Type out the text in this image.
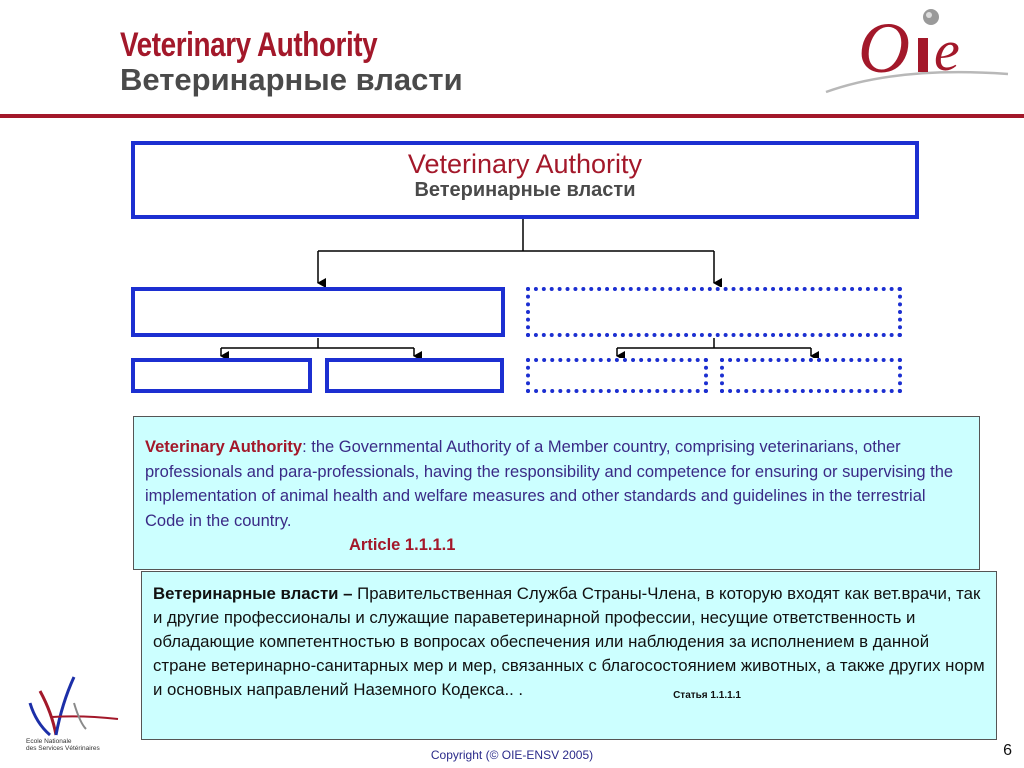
Veterinary Authority
Ветеринарные власти	O e
Veterinary Authority
Ветеринарные власти
Veterinary Authority: the Governmental Authority of a Member country, comprising veterinarians, other professionals and para-professionals, having the responsibility and competence for ensuring or supervising the implementation of animal health and welfare measures and other standards and guidelines in the terrestrial Code in the country.
Article 1.1.1.1
Ветеринарные власти – Правительственная Служба Страны-Члена, в которую входят как вет.врачи, так и другие профессионалы и служащие параветеринарной профессии, несущие ответственность и обладающие компетентностью в вопросах обеспечения или наблюдения за исполнением в данной стране ветеринарно-санитарных мер и мер, связанных с благосостоянием животных, а также других норм и основных направлений Наземного Кодекса.. .	Статья 1.1.1.1
Ecole Nationale
des Services Vétérinaires	Copyright (© OIE-ENSV 2005)	6
